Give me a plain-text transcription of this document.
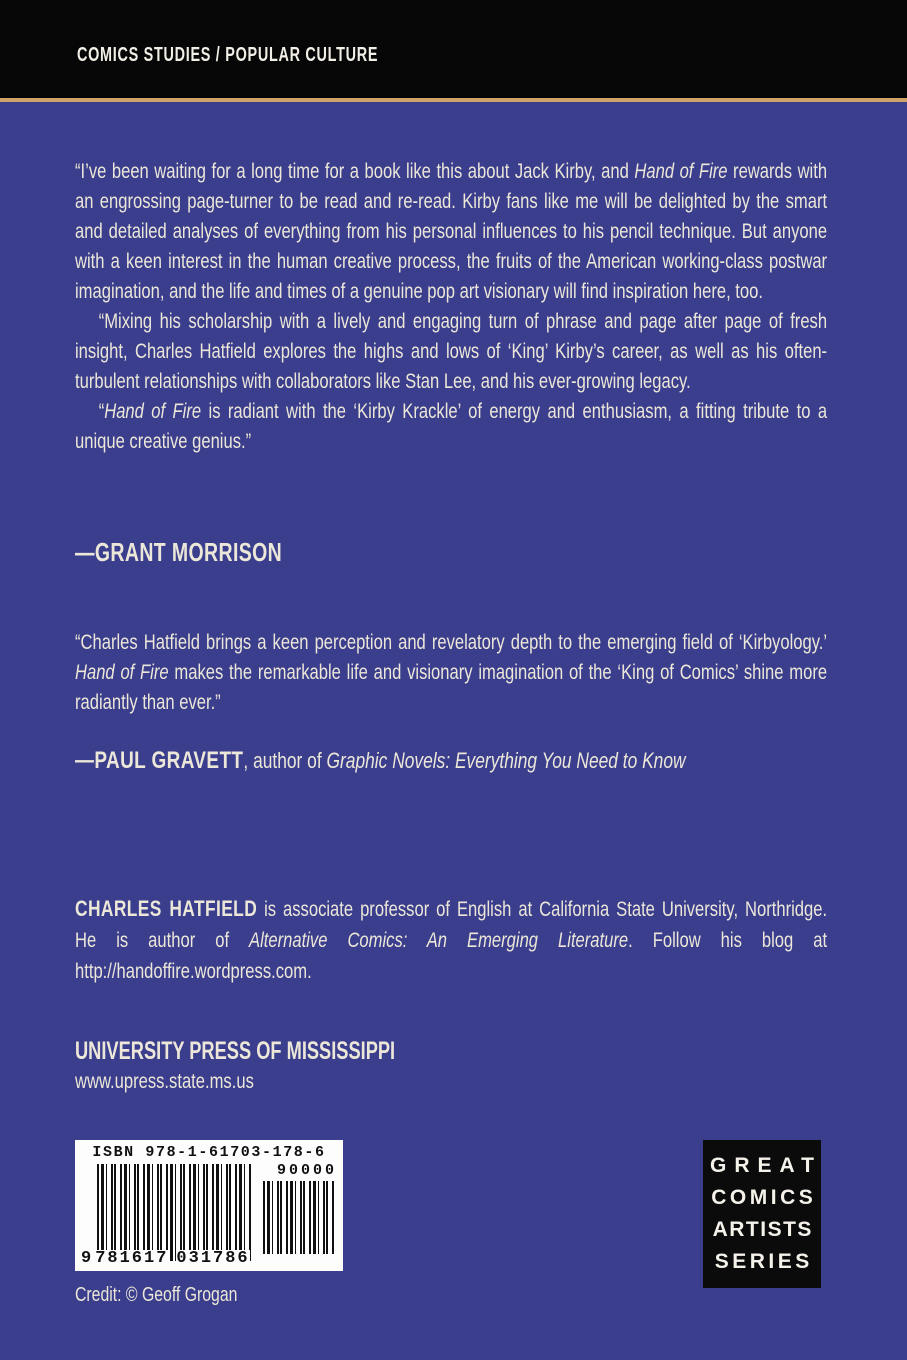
COMICS STUDIES / POPULAR CULTURE

“I’ve been waiting for a long time for a book like this about Jack Kirby, and Hand of Fire rewards with an engrossing page-turner to be read and re-read. Kirby fans like me will be delighted by the smart and detailed analyses of everything from his personal influences to his pencil technique. But anyone with a keen interest in the human creative process, the fruits of the American working-class postwar imagination, and the life and times of a genuine pop art visionary will find inspiration here, too.

“Mixing his scholarship with a lively and engaging turn of phrase and page after page of fresh insight, Charles Hatfield explores the highs and lows of ‘King’ Kirby’s career, as well as his often-turbulent relationships with collaborators like Stan Lee, and his ever-growing legacy.

“Hand of Fire is radiant with the ‘Kirby Krackle’ of energy and enthusiasm, a fitting tribute to a unique creative genius.”

—GRANT MORRISON

“Charles Hatfield brings a keen perception and revelatory depth to the emerging field of ‘Kirbyology.’ Hand of Fire makes the remarkable life and visionary imagination of the ‘King of Comics’ shine more radiantly than ever.”

—PAUL GRAVETT, author of Graphic Novels: Everything You Need to Know
CHARLES HATFIELD is associate professor of English at California State University, Northridge. He is author of Alternative Comics: An Emerging Literature. Follow his blog at http://handoffire.wordpress.com.
UNIVERSITY PRESS OF MISSISSIPPI
www.upress.state.ms.us
ISBN 978-1-61703-178-6
9 781617 031786
90000	GREAT
COMICS
ARTISTS
SERIES
Credit: © Geoff Grogan
